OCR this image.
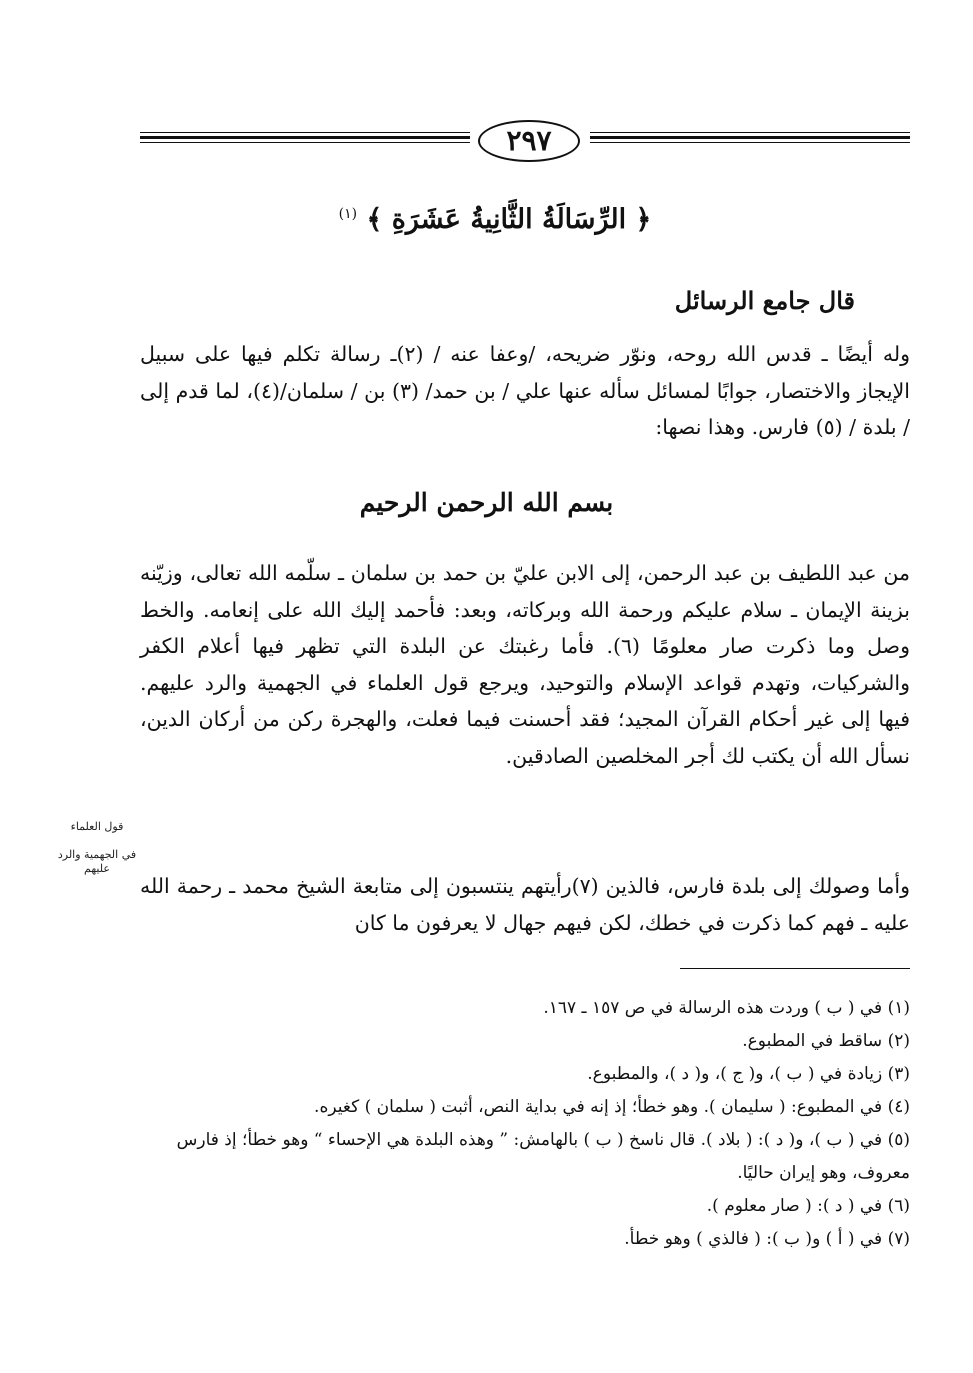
٢٩٧
﴿ الرِّسَالَةُ الثَّانِيةُ عَشَرَةِ ﴾ $^{(١)}$
قال جامع الرسائل
وله أيضًا ـ قدس الله روحه، ونوّر ضريحه، /وعفا عنه / (٢)ـ رسالة تكلم فيها على سبيل الإيجاز والاختصار، جوابًا لمسائل سأله عنها علي / بن حمد/ (٣) بن / سلمان/(٤)، لما قدم إلى / بلدة / (٥) فارس. وهذا نصها:
بسم الله الرحمن الرحيم
من عبد اللطيف بن عبد الرحمن، إلى الابن عليّ بن حمد بن سلمان ـ سلّمه الله تعالى، وزيّنه بزينة الإيمان ـ سلام عليكم ورحمة الله وبركاته، وبعد: فأحمد إليك الله على إنعامه. والخط وصل وما ذكرت صار معلومًا (٦). فأما رغبتك عن البلدة التي تظهر فيها أعلام الكفر والشركيات، وتهدم قواعد الإسلام والتوحيد، ويرجع قول العلماء في الجهمية والرد عليهم. فيها إلى غير أحكام القرآن المجيد؛ فقد أحسنت فيما فعلت، والهجرة ركن من أركان الدين، نسأل الله أن يكتب لك أجر المخلصين الصادقين.
وأما وصولك إلى بلدة فارس، فالذين (٧)رأيتهم ينتسبون إلى متابعة الشيخ محمد ـ رحمة الله عليه ـ فهم كما ذكرت في خطك، لكن فيهم جهال لا يعرفون ما كان
قول العلماء
في الجهمية والرد عليهم
(١) في ( ب ) وردت هذه الرسالة في ص ١٥٧ ـ ١٦٧.
(٢) ساقط في المطبوع.
(٣) زيادة في ( ب )، و( ج )، و( د )، والمطبوع.
(٤) في المطبوع: ( سليمان ). وهو خطأ؛ إذ إنه في بداية النص، أثبت ( سلمان ) كغيره.
(٥) في ( ب )، و( د ): ( بلاد ). قال ناسخ ( ب ) بالهامش: ” وهذه البلدة هي الإحساء “ وهو خطأ؛ إذ فارس معروف، وهو إيران حاليًا.
(٦) في ( د ): ( صار معلوم ).
(٧) في ( أ ) و( ب ): ( فالذي ) وهو خطأ.
